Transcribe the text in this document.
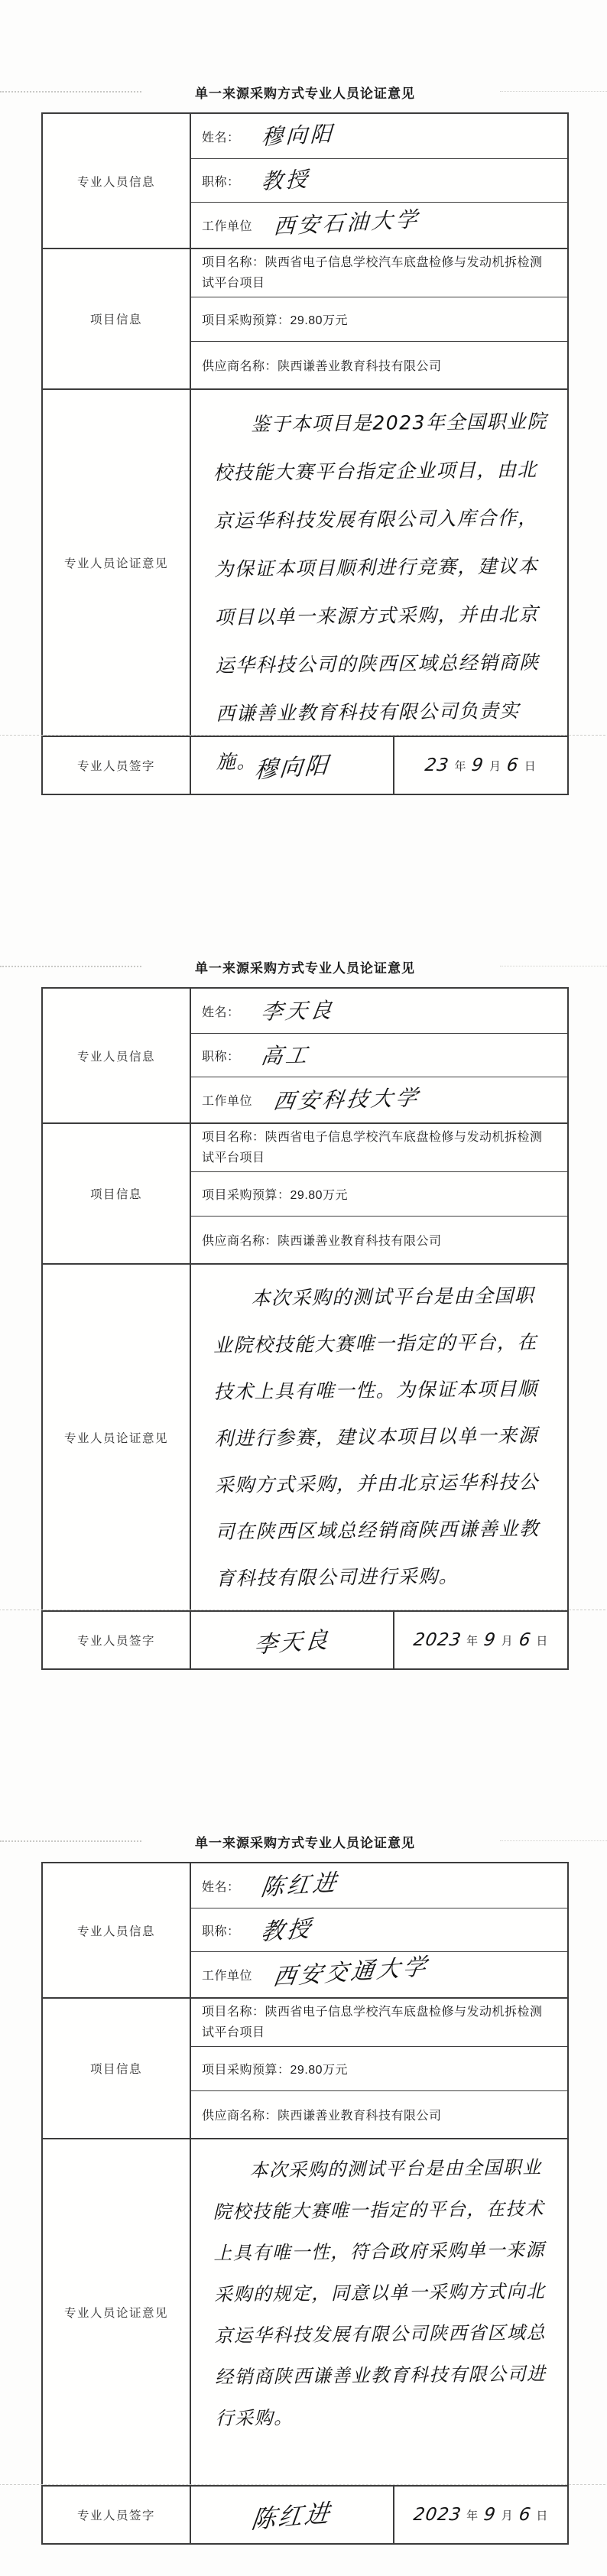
单一来源采购方式专业人员论证意见
专业人员信息
姓名： 穆向阳
职称： 教授
工作单位 西安石油大学
项目信息
项目名称：陕西省电子信息学校汽车底盘检修与发动机拆检测试平台项目
项目采购预算：29.80万元
供应商名称：陕西谦善业教育科技有限公司
专业人员论证意见
鉴于本项目是2023年全国职业院校技能大赛平台指定企业项目，由北京运华科技发展有限公司入库合作，为保证本项目顺利进行竞赛，建议本项目以单一来源方式采购，并由北京运华科技公司的陕西区域总经销商陕西谦善业教育科技有限公司负责实施。
专业人员签字	穆向阳	23 年 9 月 6 日
单一来源采购方式专业人员论证意见
专业人员信息
姓名： 李天良
职称： 高工
工作单位 西安科技大学
项目信息
项目名称：陕西省电子信息学校汽车底盘检修与发动机拆检测试平台项目
项目采购预算：29.80万元
供应商名称：陕西谦善业教育科技有限公司
专业人员论证意见
本次采购的测试平台是由全国职业院校技能大赛唯一指定的平台，在技术上具有唯一性。为保证本项目顺利进行参赛，建议本项目以单一来源采购方式采购，并由北京运华科技公司在陕西区域总经销商陕西谦善业教育科技有限公司进行采购。
专业人员签字	李天良	2023 年 9 月 6 日
单一来源采购方式专业人员论证意见
专业人员信息
姓名： 陈红进
职称： 教授
工作单位 西安交通大学
项目信息
项目名称：陕西省电子信息学校汽车底盘检修与发动机拆检测试平台项目
项目采购预算：29.80万元
供应商名称：陕西谦善业教育科技有限公司
专业人员论证意见
本次采购的测试平台是由全国职业院校技能大赛唯一指定的平台，在技术上具有唯一性，符合政府采购单一来源采购的规定，同意以单一采购方式向北京运华科技发展有限公司陕西省区域总经销商陕西谦善业教育科技有限公司进行采购。
专业人员签字	陈红进	2023 年 9 月 6 日
